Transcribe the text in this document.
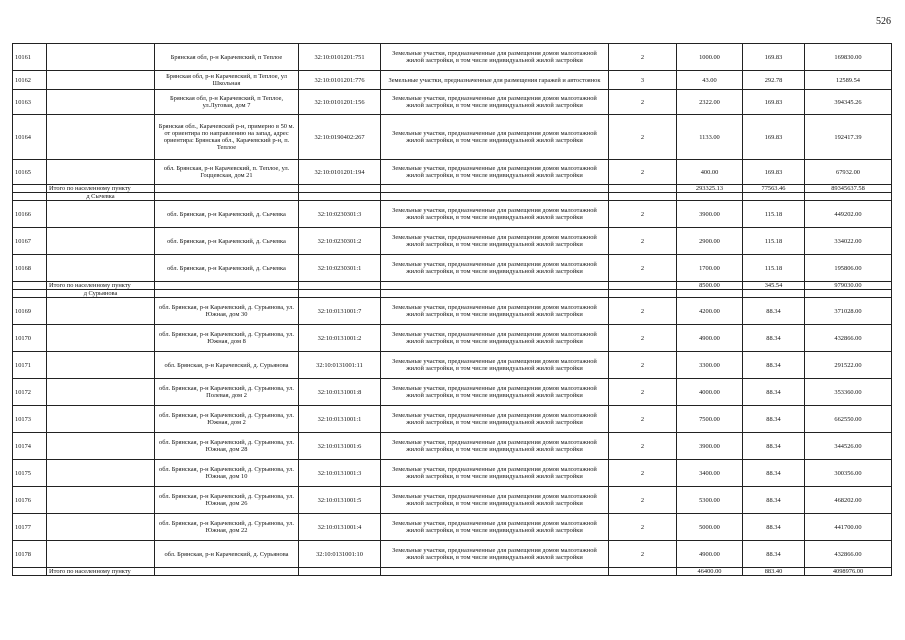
526
10161		Брянская обл, р-н Карачевский, п Теплое	32:10:0101201:751	Земельные участки, предназначенные для размещения домов малоэтажной жилой застройки, в том числе индивидуальной жилой застройки	2	1000.00	169.83	169830.00
10162		Брянская обл, р-н Карачевский, п Теплое, ул Школьная	32:10:0101201:776	Земельные участки, предназначенные для размещения гаражей и автостоянок	3	43.00	292.78	12589.54
10163		Брянская обл, р-н Карачевский, п Теплое, ул.Луговая, дом 7	32:10:0101201:156	Земельные участки, предназначенные для размещения домов малоэтажной жилой застройки, в том числе индивидуальной жилой застройки	2	2322.00	169.83	394345.26
10164		Брянская обл., Карачевский р-н, примерно в 50 м. от ориентира по направлению на запад, адрес ориентира: Брянская обл., Карачевский р-н, п. Теплое	32:10:0190402:267	Земельные участки, предназначенные для размещения домов малоэтажной жилой застройки, в том числе индивидуальной жилой застройки	2	1133.00	169.83	192417.39
10165		обл. Брянская, р-н Карачевский, п. Теплое, ул. Гоццевская, дом 21	32:10:0101201:194	Земельные участки, предназначенные для размещения домов малоэтажной жилой застройки, в том числе индивидуальной жилой застройки	2	400.00	169.83	67932.00
	Итого по населенному пункту					293325.13	77563.46	89345637.58
	д Сычевка							
10166		обл. Брянская, р-н Карачевский, д. Сычевка	32:10:0230301:3	Земельные участки, предназначенные для размещения домов малоэтажной жилой застройки, в том числе индивидуальной жилой застройки	2	3900.00	115.18	449202.00
10167		обл. Брянская, р-н Карачевский, д. Сычевка	32:10:0230301:2	Земельные участки, предназначенные для размещения домов малоэтажной жилой застройки, в том числе индивидуальной жилой застройки	2	2900.00	115.18	334022.00
10168		обл. Брянская, р-н Карачевский, д. Сычевка	32:10:0230301:1	Земельные участки, предназначенные для размещения домов малоэтажной жилой застройки, в том числе индивидуальной жилой застройки	2	1700.00	115.18	195806.00
	Итого по населенному пункту					8500.00	345.54	979030.00
	д Сурьянова							
10169		обл. Брянская, р-н Карачевский, д. Сурьянова, ул. Южная, дом 30	32:10:0131001:7	Земельные участки, предназначенные для размещения домов малоэтажной жилой застройки, в том числе индивидуальной жилой застройки	2	4200.00	88.34	371028.00
10170		обл. Брянская, р-н Карачевский, д. Сурьянова, ул. Южная, дом 8	32:10:0131001:2	Земельные участки, предназначенные для размещения домов малоэтажной жилой застройки, в том числе индивидуальной жилой застройки	2	4900.00	88.34	432866.00
10171		обл. Брянская, р-н Карачевский, д. Сурьянова	32:10:0131001:11	Земельные участки, предназначенные для размещения домов малоэтажной жилой застройки, в том числе индивидуальной жилой застройки	2	3300.00	88.34	291522.00
10172		обл. Брянская, р-н Карачевский, д. Сурьянова, ул. Полевая, дом 2	32:10:0131001:8	Земельные участки, предназначенные для размещения домов малоэтажной жилой застройки, в том числе индивидуальной жилой застройки	2	4000.00	88.34	353360.00
10173		обл. Брянская, р-н Карачевский, д. Сурьянова, ул. Южная, дом 2	32:10:0131001:1	Земельные участки, предназначенные для размещения домов малоэтажной жилой застройки, в том числе индивидуальной жилой застройки	2	7500.00	88.34	662550.00
10174		обл. Брянская, р-н Карачевский, д. Сурьянова, ул. Южная, дом 28	32:10:0131001:6	Земельные участки, предназначенные для размещения домов малоэтажной жилой застройки, в том числе индивидуальной жилой застройки	2	3900.00	88.34	344526.00
10175		обл. Брянская, р-н Карачевский, д. Сурьянова, ул. Южная, дом 10	32:10:0131001:3	Земельные участки, предназначенные для размещения домов малоэтажной жилой застройки, в том числе индивидуальной жилой застройки	2	3400.00	88.34	300356.00
10176		обл. Брянская, р-н Карачевский, д. Сурьянова, ул. Южная, дом 26	32:10:0131001:5	Земельные участки, предназначенные для размещения домов малоэтажной жилой застройки, в том числе индивидуальной жилой застройки	2	5300.00	88.34	468202.00
10177		обл. Брянская, р-н Карачевский, д. Сурьянова, ул. Южная, дом 22	32:10:0131001:4	Земельные участки, предназначенные для размещения домов малоэтажной жилой застройки, в том числе индивидуальной жилой застройки	2	5000.00	88.34	441700.00
10178		обл. Брянская, р-н Карачевский, д. Сурьянова	32:10:0131001:10	Земельные участки, предназначенные для размещения домов малоэтажной жилой застройки, в том числе индивидуальной жилой застройки	2	4900.00	88.34	432866.00
	Итого по населенному пункту					46400.00	883.40	4098976.00
